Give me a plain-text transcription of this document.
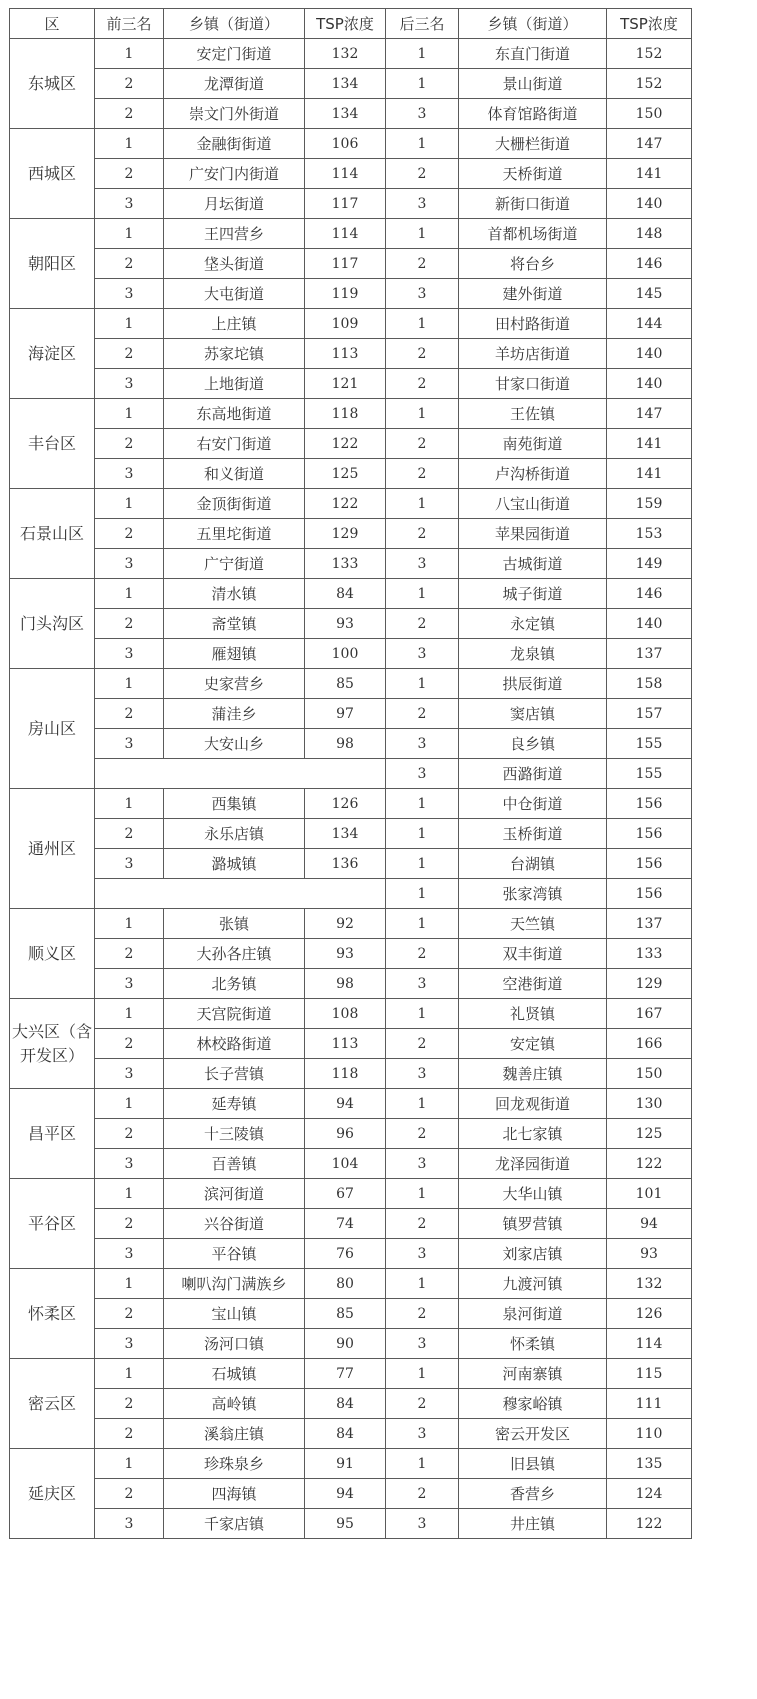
区	前三名	乡镇（街道）	TSP浓度	后三名	乡镇（街道）	TSP浓度
东城区	1	安定门街道	132	1	东直门街道	152
	2	龙潭街道	134	1	景山街道	152
	2	崇文门外街道	134	3	体育馆路街道	150
西城区	1	金融街街道	106	1	大栅栏街道	147
	2	广安门内街道	114	2	天桥街道	141
	3	月坛街道	117	3	新街口街道	140
朝阳区	1	王四营乡	114	1	首都机场街道	148
	2	垡头街道	117	2	将台乡	146
	3	大屯街道	119	3	建外街道	145
海淀区	1	上庄镇	109	1	田村路街道	144
	2	苏家坨镇	113	2	羊坊店街道	140
	3	上地街道	121	2	甘家口街道	140
丰台区	1	东高地街道	118	1	王佐镇	147
	2	右安门街道	122	2	南苑街道	141
	3	和义街道	125	2	卢沟桥街道	141
石景山区	1	金顶街街道	122	1	八宝山街道	159
	2	五里坨街道	129	2	苹果园街道	153
	3	广宁街道	133	3	古城街道	149
门头沟区	1	清水镇	84	1	城子街道	146
	2	斋堂镇	93	2	永定镇	140
	3	雁翅镇	100	3	龙泉镇	137
房山区	1	史家营乡	85	1	拱辰街道	158
	2	蒲洼乡	97	2	窦店镇	157
	3	大安山乡	98	3	良乡镇	155
				3	西潞街道	155
通州区	1	西集镇	126	1	中仓街道	156
	2	永乐店镇	134	1	玉桥街道	156
	3	潞城镇	136	1	台湖镇	156
				1	张家湾镇	156
顺义区	1	张镇	92	1	天竺镇	137
	2	大孙各庄镇	93	2	双丰街道	133
	3	北务镇	98	3	空港街道	129
大兴区（含开发区）	1	天宫院街道	108	1	礼贤镇	167
	2	林校路街道	113	2	安定镇	166
	3	长子营镇	118	3	魏善庄镇	150
昌平区	1	延寿镇	94	1	回龙观街道	130
	2	十三陵镇	96	2	北七家镇	125
	3	百善镇	104	3	龙泽园街道	122
平谷区	1	滨河街道	67	1	大华山镇	101
	2	兴谷街道	74	2	镇罗营镇	94
	3	平谷镇	76	3	刘家店镇	93
怀柔区	1	喇叭沟门满族乡	80	1	九渡河镇	132
	2	宝山镇	85	2	泉河街道	126
	3	汤河口镇	90	3	怀柔镇	114
密云区	1	石城镇	77	1	河南寨镇	115
	2	高岭镇	84	2	穆家峪镇	111
	2	溪翁庄镇	84	3	密云开发区	110
延庆区	1	珍珠泉乡	91	1	旧县镇	135
	2	四海镇	94	2	香营乡	124
	3	千家店镇	95	3	井庄镇	122
